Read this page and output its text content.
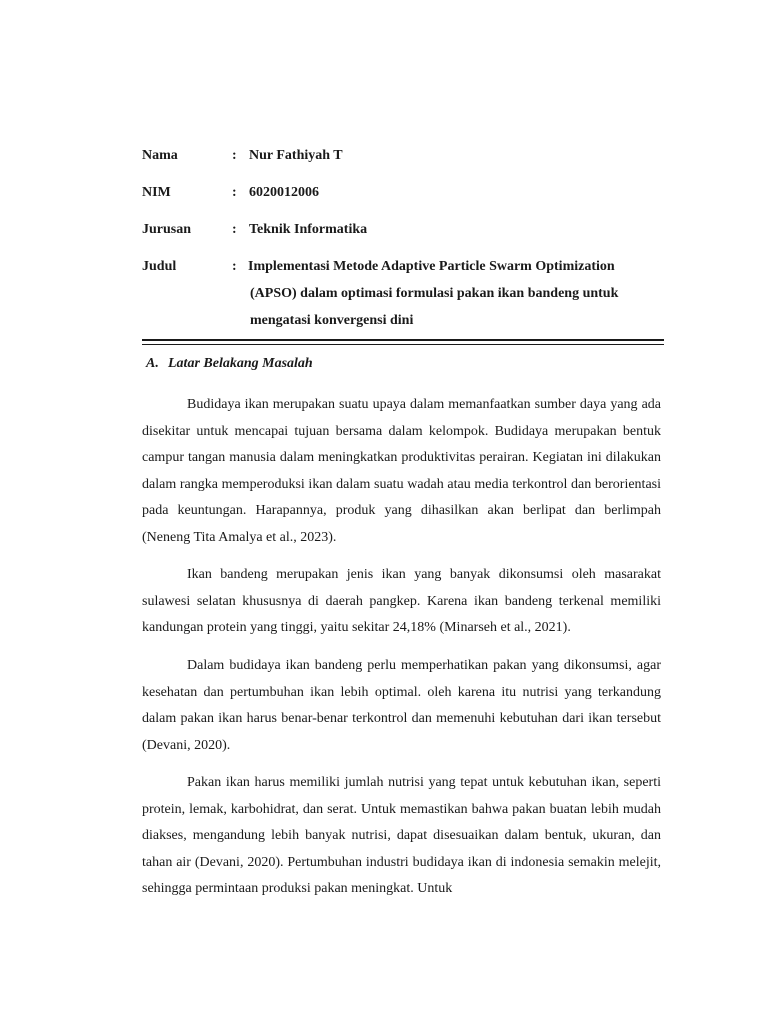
Nama	: Nur Fathiyah T
NIM	: 6020012006
Jurusan	: Teknik Informatika
Judul	: Implementasi Metode Adaptive Particle Swarm Optimization
(APSO) dalam optimasi formulasi pakan ikan bandeng untuk
mengatasi konvergensi dini
A. Latar Belakang Masalah

Budidaya ikan merupakan suatu upaya dalam memanfaatkan sumber daya yang ada disekitar untuk mencapai tujuan bersama dalam kelompok. Budidaya merupakan bentuk campur tangan manusia dalam meningkatkan produktivitas perairan. Kegiatan ini dilakukan dalam rangka memperoduksi ikan dalam suatu wadah atau media terkontrol dan berorientasi pada keuntungan. Harapannya, produk yang dihasilkan akan berlipat dan berlimpah (Neneng Tita Amalya et al., 2023).

Ikan bandeng merupakan jenis ikan yang banyak dikonsumsi oleh masarakat sulawesi selatan khususnya di daerah pangkep. Karena ikan bandeng terkenal memiliki kandungan protein yang tinggi, yaitu sekitar 24,18% (Minarseh et al., 2021).

Dalam budidaya ikan bandeng perlu memperhatikan pakan yang dikonsumsi, agar kesehatan dan pertumbuhan ikan lebih optimal. oleh karena itu nutrisi yang terkandung dalam pakan ikan harus benar-benar terkontrol dan memenuhi kebutuhan dari ikan tersebut (Devani, 2020).

Pakan ikan harus memiliki jumlah nutrisi yang tepat untuk kebutuhan ikan, seperti protein, lemak, karbohidrat, dan serat. Untuk memastikan bahwa pakan buatan lebih mudah diakses, mengandung lebih banyak nutrisi, dapat disesuaikan dalam bentuk, ukuran, dan tahan air (Devani, 2020). Pertumbuhan industri budidaya ikan di indonesia semakin melejit, sehingga permintaan produksi pakan meningkat. Untuk
